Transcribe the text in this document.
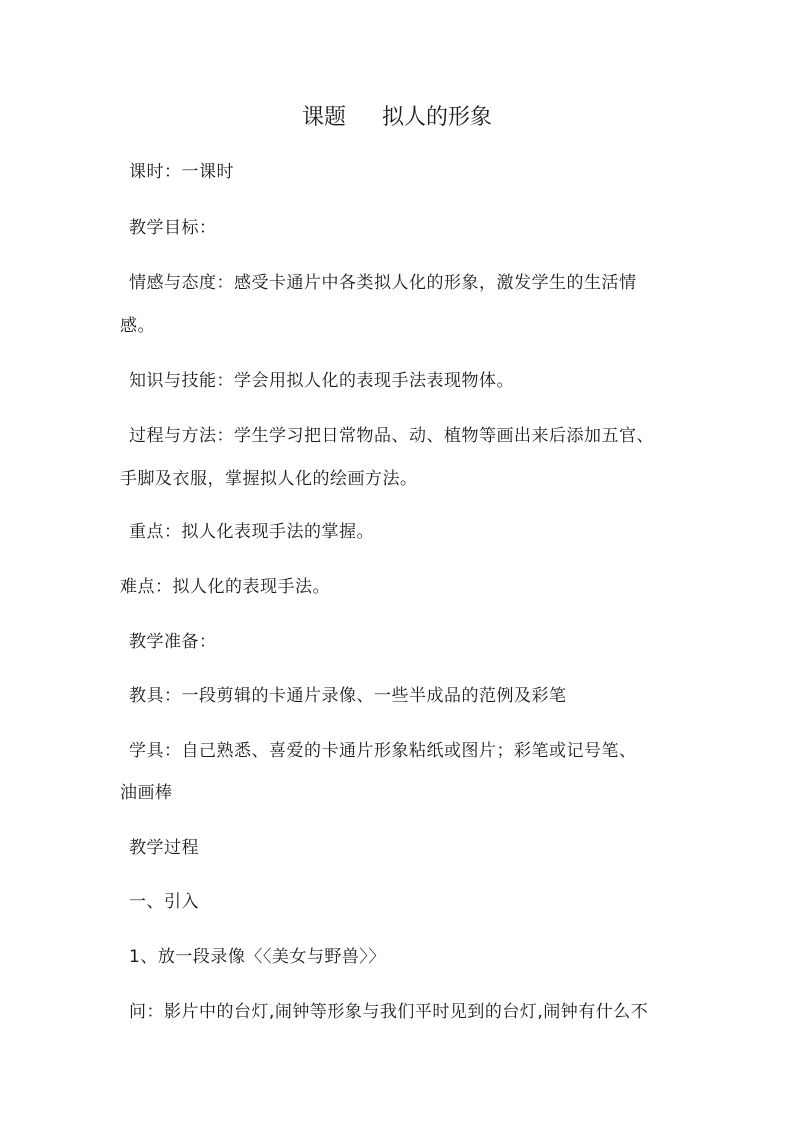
课题 拟人的形象
课时：一课时
教学目标：
情感与态度：感受卡通片中各类拟人化的形象，激发学生的生活情
感。
知识与技能：学会用拟人化的表现手法表现物体。
过程与方法：学生学习把日常物品、动、植物等画出来后添加五官、
手脚及衣服，掌握拟人化的绘画方法。
重点：拟人化表现手法的掌握。
难点：拟人化的表现手法。
教学准备：
教具：一段剪辑的卡通片录像、一些半成品的范例及彩笔
学具：自己熟悉、喜爱的卡通片形象粘纸或图片；彩笔或记号笔、
油画棒
教学过程
一、引入
1、放一段录像〈〈美女与野兽〉〉
问：影片中的台灯,闹钟等形象与我们平时见到的台灯,闹钟有什么不
